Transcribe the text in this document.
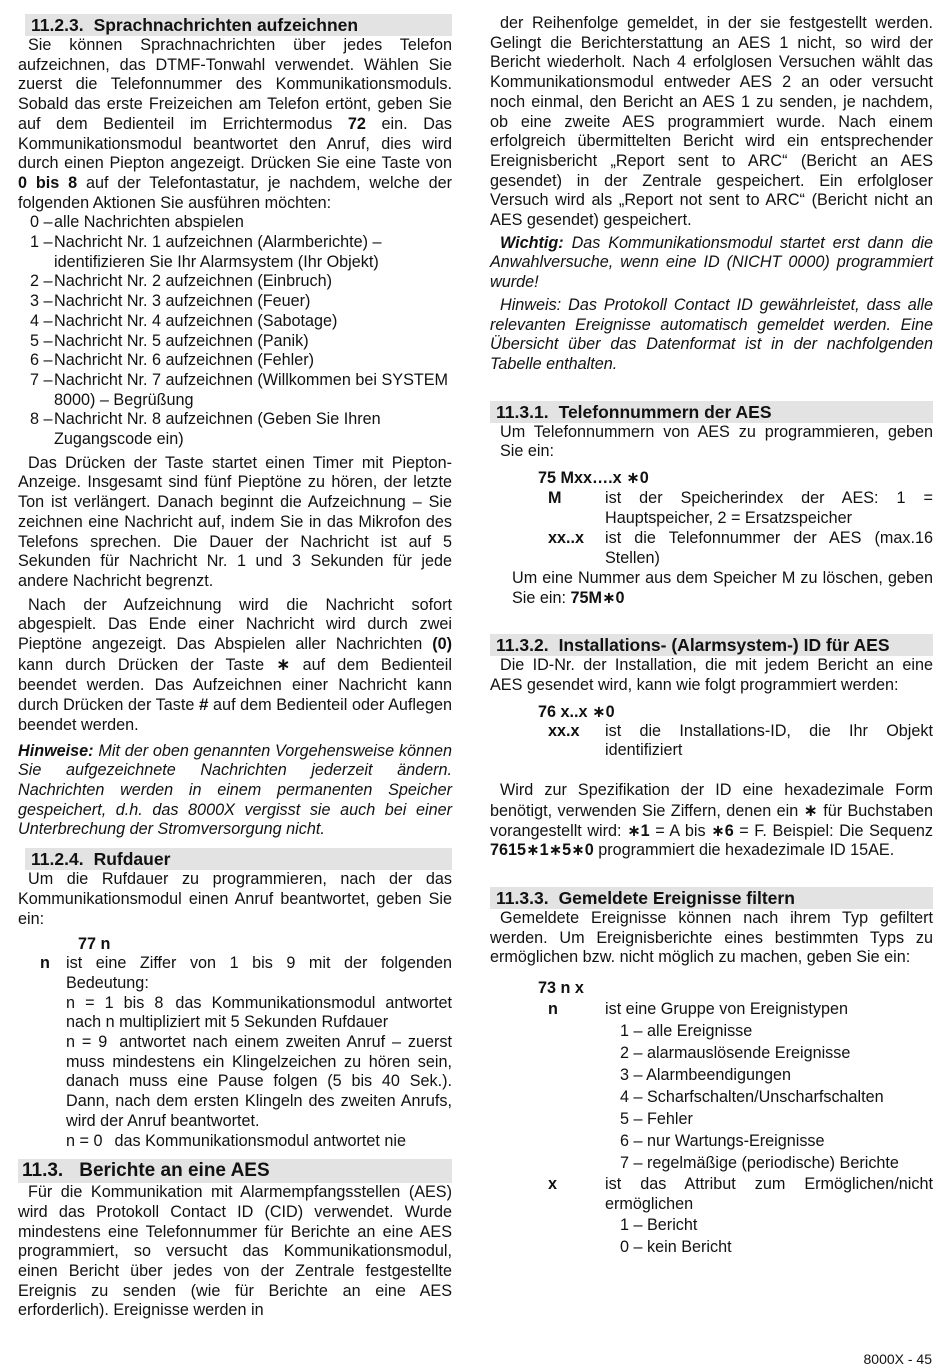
11.2.3. Sprachnachrichten aufzeichnen

Sie können Sprachnachrichten über jedes Telefon aufzeichnen, das DTMF-Tonwahl verwendet. Wählen Sie zuerst die Telefonnummer des Kommunikationsmoduls. Sobald das erste Freizeichen am Telefon ertönt, geben Sie auf dem Bedienteil im Errichtermodus 72 ein. Das Kommunikationsmodul beantwortet den Anruf, dies wird durch einen Piepton angezeigt. Drücken Sie eine Taste von 0 bis 8 auf der Telefontastatur, je nachdem, welche der folgenden Aktionen Sie ausführen möchten:

0 – alle Nachrichten abspielen
1 – Nachricht Nr. 1 aufzeichnen (Alarmberichte) – identifizieren Sie Ihr Alarmsystem (Ihr Objekt)
2 – Nachricht Nr. 2 aufzeichnen (Einbruch)
3 – Nachricht Nr. 3 aufzeichnen (Feuer)
4 – Nachricht Nr. 4 aufzeichnen (Sabotage)
5 – Nachricht Nr. 5 aufzeichnen (Panik)
6 – Nachricht Nr. 6 aufzeichnen (Fehler)
7 – Nachricht Nr. 7 aufzeichnen (Willkommen bei SYSTEM 8000) – Begrüßung
8 – Nachricht Nr. 8 aufzeichnen (Geben Sie Ihren Zugangscode ein)

Das Drücken der Taste startet einen Timer mit Piepton-Anzeige. Insgesamt sind fünf Pieptöne zu hören, der letzte Ton ist verlängert. Danach beginnt die Aufzeichnung – Sie zeichnen eine Nachricht auf, indem Sie in das Mikrofon des Telefons sprechen. Die Dauer der Nachricht ist auf 5 Sekunden für Nachricht Nr. 1 und 3 Sekunden für jede andere Nachricht begrenzt.

Nach der Aufzeichnung wird die Nachricht sofort abgespielt. Das Ende einer Nachricht wird durch zwei Pieptöne angezeigt. Das Abspielen aller Nachrichten (0) kann durch Drücken der Taste ∗ auf dem Bedienteil beendet werden. Das Aufzeichnen einer Nachricht kann durch Drücken der Taste # auf dem Bedienteil oder Auflegen beendet werden.

Hinweise: Mit der oben genannten Vorgehensweise können Sie aufgezeichnete Nachrichten jederzeit ändern. Nachrichten werden in einem permanenten Speicher gespeichert, d.h. das 8000X vergisst sie auch bei einer Unterbrechung der Stromversorgung nicht.

11.2.4. Rufdauer

Um die Rufdauer zu programmieren, nach der das Kommunikationsmodul einen Anruf beantwortet, geben Sie ein:

77 n
n ist eine Ziffer von 1 bis 9 mit der folgenden Bedeutung:

n = 1 bis 8 das Kommunikationsmodul antwortet nach n multipliziert mit 5 Sekunden Rufdauer

n = 9 antwortet nach einem zweiten Anruf – zuerst muss mindestens ein Klingelzeichen zu hören sein, danach muss eine Pause folgen (5 bis 40 Sek.). Dann, nach dem ersten Klingeln des zweiten Anrufs, wird der Anruf beantwortet.

n = 0 das Kommunikationsmodul antwortet nie

11.3. Berichte an eine AES

Für die Kommunikation mit Alarmempfangsstellen (AES) wird das Protokoll Contact ID (CID) verwendet. Wurde mindestens eine Telefonnummer für Berichte an eine AES programmiert, so versucht das Kommunikationsmodul, einen Bericht über jedes von der Zentrale festgestellte Ereignis zu senden (wie für Berichte an eine AES erforderlich). Ereignisse werden in

der Reihenfolge gemeldet, in der sie festgestellt werden. Gelingt die Berichterstattung an AES 1 nicht, so wird der Bericht wiederholt. Nach 4 erfolglosen Versuchen wählt das Kommunikationsmodul entweder AES 2 an oder versucht noch einmal, den Bericht an AES 1 zu senden, je nachdem, ob eine zweite AES programmiert wurde. Nach einem erfolgreich übermittelten Bericht wird ein entsprechender Ereignisbericht „Report sent to ARC“ (Bericht an AES gesendet) in der Zentrale gespeichert. Ein erfolgloser Versuch wird als „Report not sent to ARC“ (Bericht nicht an AES gesendet) gespeichert.

Wichtig: Das Kommunikationsmodul startet erst dann die Anwahlversuche, wenn eine ID (NICHT 0000) programmiert wurde!

Hinweis: Das Protokoll Contact ID gewährleistet, dass alle relevanten Ereignisse automatisch gemeldet werden. Eine Übersicht über das Datenformat ist in der nachfolgenden Tabelle enthalten.

11.3.1. Telefonnummern der AES

Um Telefonnummern von AES zu programmieren, geben Sie ein:

75 Mxx….x ∗0
M	ist der Speicherindex der AES: 1 = Hauptspeicher, 2 = Ersatzspeicher
xx..x	ist die Telefonnummer der AES (max.16 Stellen)

Um eine Nummer aus dem Speicher M zu löschen, geben Sie ein: 75M∗0

11.3.2. Installations- (Alarmsystem-) ID für AES

Die ID-Nr. der Installation, die mit jedem Bericht an eine AES gesendet wird, kann wie folgt programmiert werden:

76 x..x ∗0
xx.x	ist die Installations-ID, die Ihr Objekt identifiziert

Wird zur Spezifikation der ID eine hexadezimale Form benötigt, verwenden Sie Ziffern, denen ein ∗ für Buchstaben vorangestellt wird: ∗1 = A bis ∗6 = F. Beispiel: Die Sequenz 7615∗1∗5∗0 programmiert die hexadezimale ID 15AE.

11.3.3. Gemeldete Ereignisse filtern

Gemeldete Ereignisse können nach ihrem Typ gefiltert werden. Um Ereignisberichte eines bestimmten Typs zu ermöglichen bzw. nicht möglich zu machen, geben Sie ein:

73 n x
n	ist eine Gruppe von Ereignistypen
1 – alle Ereignisse
2 – alarmauslösende Ereignisse
3 – Alarmbeendigungen
4 – Scharfschalten/Unscharfschalten
5 – Fehler
6 – nur Wartungs-Ereignisse
7 – regelmäßige (periodische) Berichte
x	ist das Attribut zum Ermöglichen/nicht ermöglichen
1 – Bericht
0 – kein Bericht
8000X - 45
